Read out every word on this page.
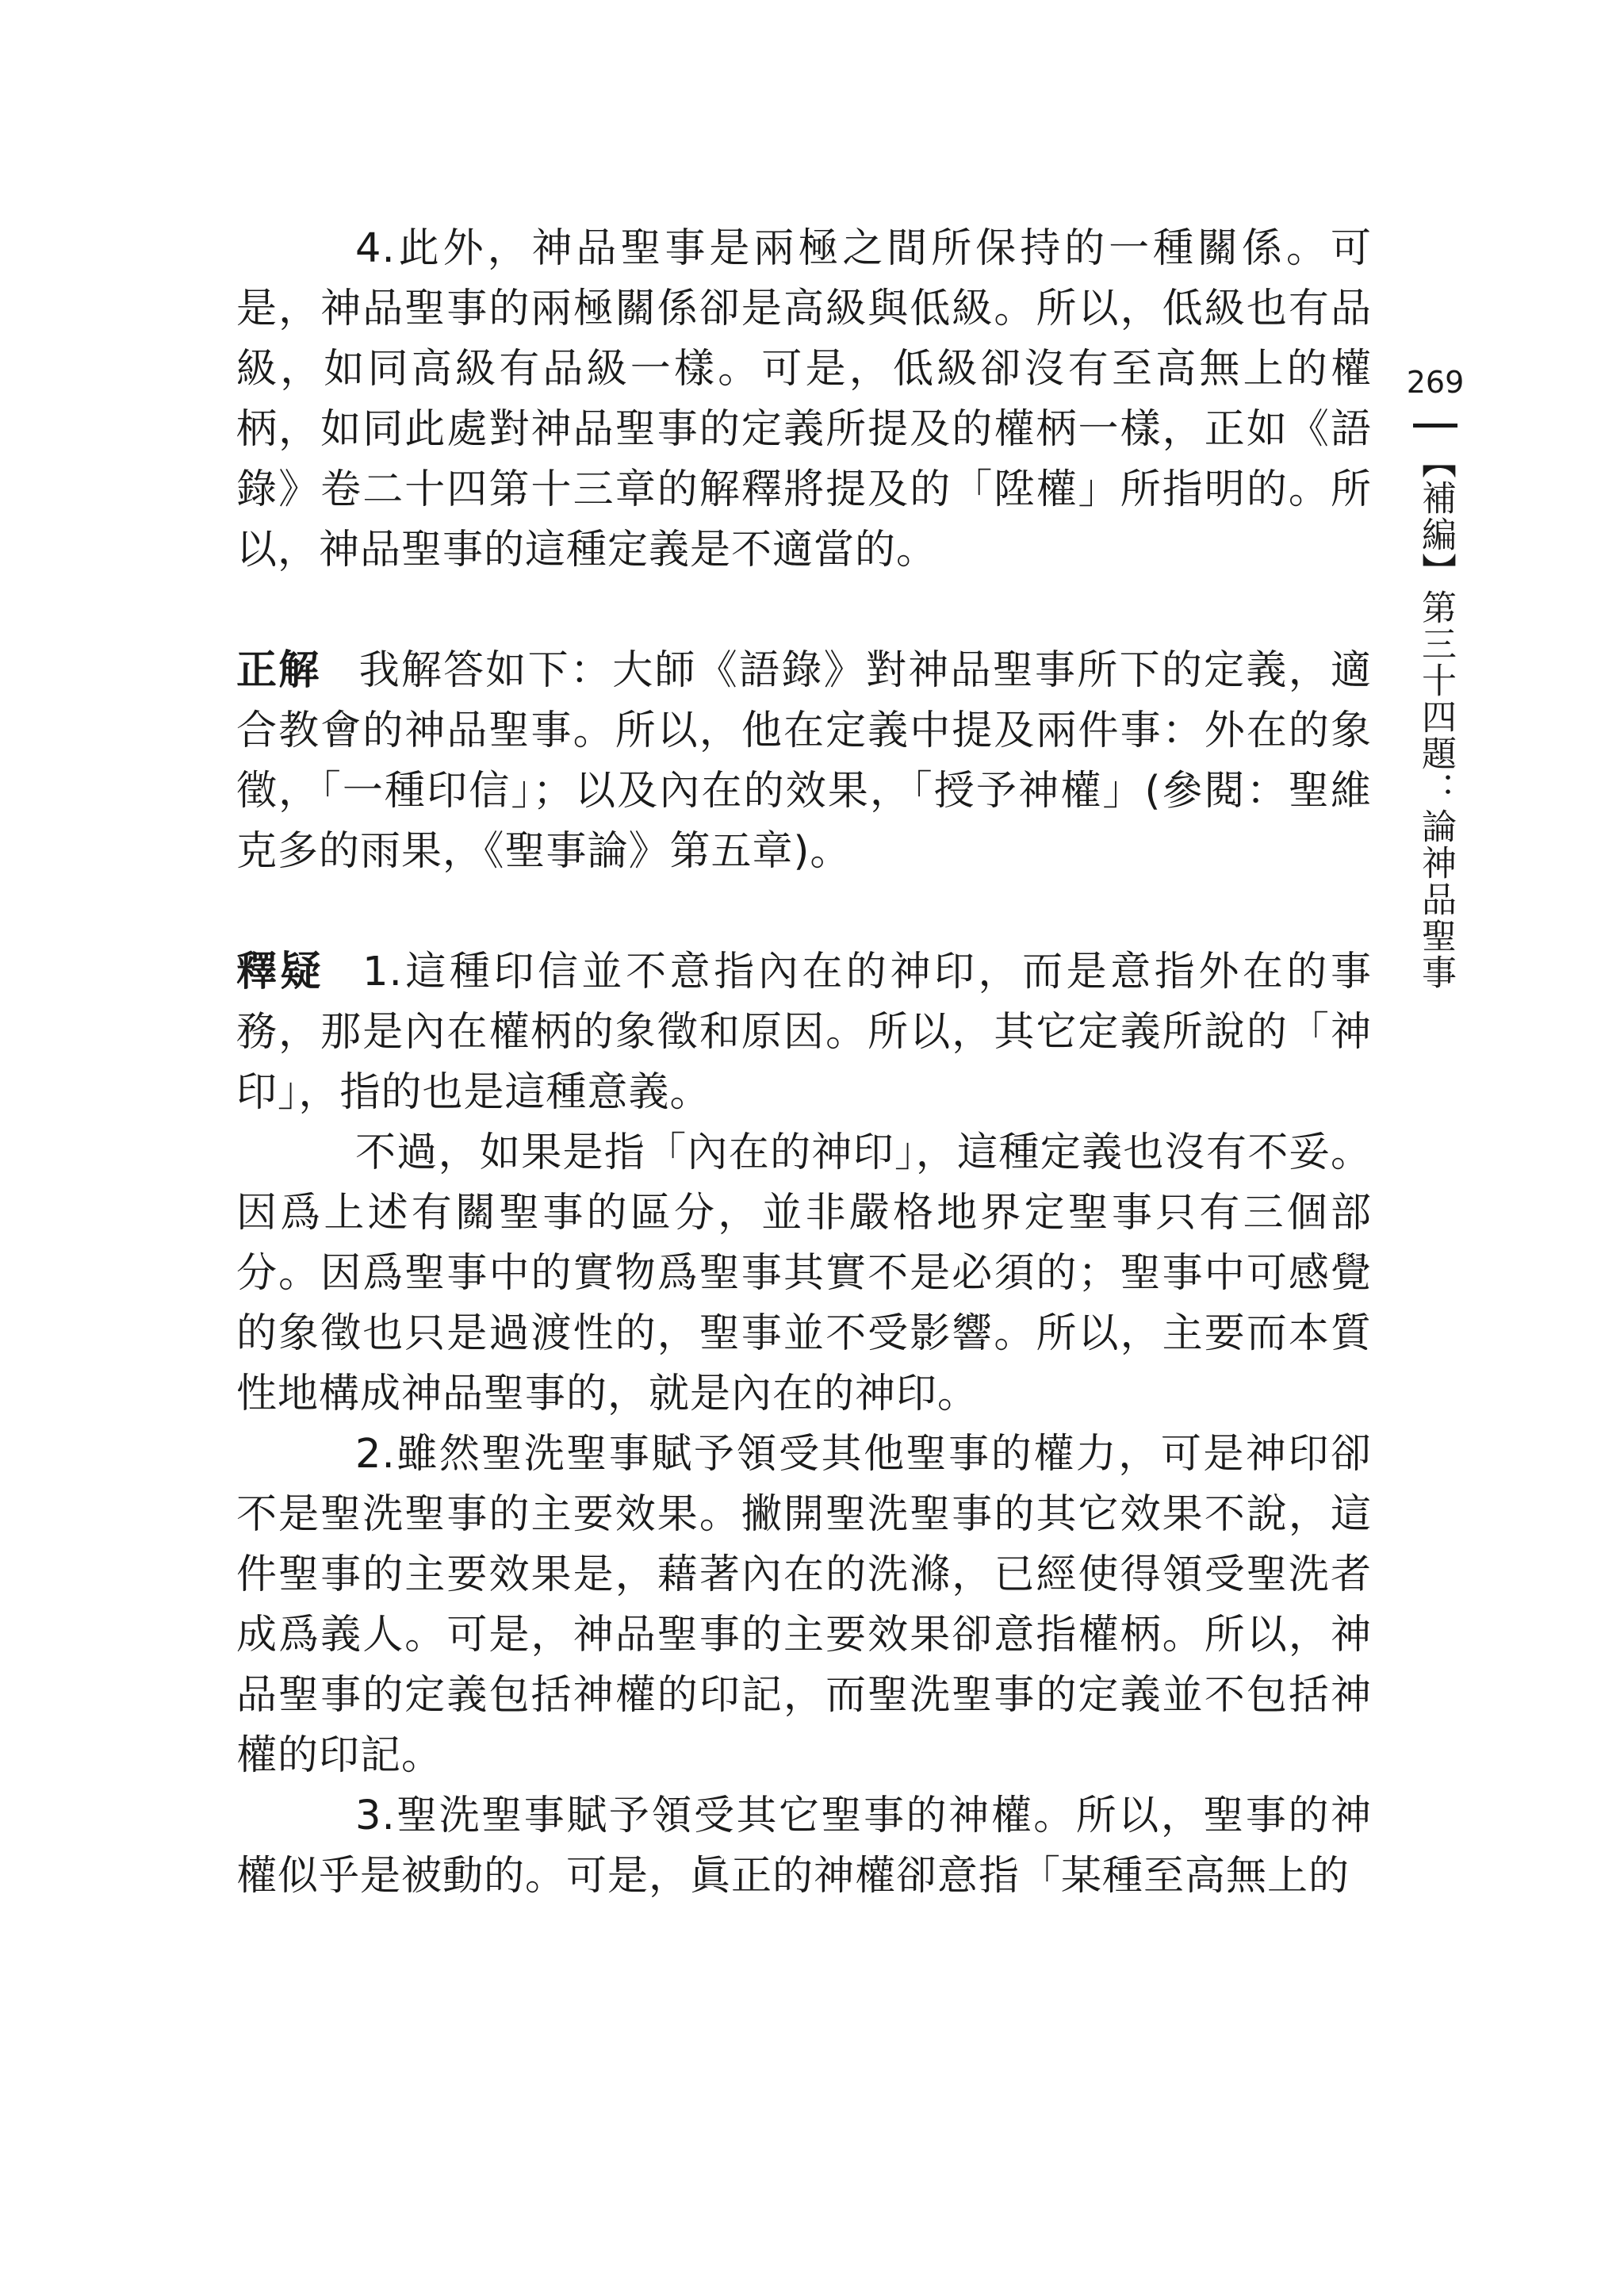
4.此外，神品聖事是兩極之間所保持的一種關係。可是，神品聖事的兩極關係卻是高級與低級。所以，低級也有品級，如同高級有品級一樣。可是，低級卻沒有至高無上的權柄，如同此處對神品聖事的定義所提及的權柄一樣，正如《語錄》卷二十四第十三章的解釋將提及的「陞權」所指明的。所以，神品聖事的這種定義是不適當的。

正解 我解答如下：大師《語錄》對神品聖事所下的定義，適合教會的神品聖事。所以，他在定義中提及兩件事：外在的象徵，「一種印信」；以及內在的效果，「授予神權」(參閱：聖維克多的雨果，《聖事論》第五章)。

釋疑 1.這種印信並不意指內在的神印，而是意指外在的事務，那是內在權柄的象徵和原因。所以，其它定義所說的「神印」，指的也是這種意義。

不過，如果是指「內在的神印」，這種定義也沒有不妥。因爲上述有關聖事的區分，並非嚴格地界定聖事只有三個部分。因爲聖事中的實物爲聖事其實不是必須的；聖事中可感覺的象徵也只是過渡性的，聖事並不受影響。所以，主要而本質性地構成神品聖事的，就是內在的神印。

2.雖然聖洗聖事賦予領受其他聖事的權力，可是神印卻不是聖洗聖事的主要效果。撇開聖洗聖事的其它效果不說，這件聖事的主要效果是，藉著內在的洗滌，已經使得領受聖洗者成爲義人。可是，神品聖事的主要效果卻意指權柄。所以，神品聖事的定義包括神權的印記，而聖洗聖事的定義並不包括神權的印記。

3.聖洗聖事賦予領受其它聖事的神權。所以，聖事的神權似乎是被動的。可是，眞正的神權卻意指「某種至高無上的

269
【補編】第三十四題：論神品聖事
